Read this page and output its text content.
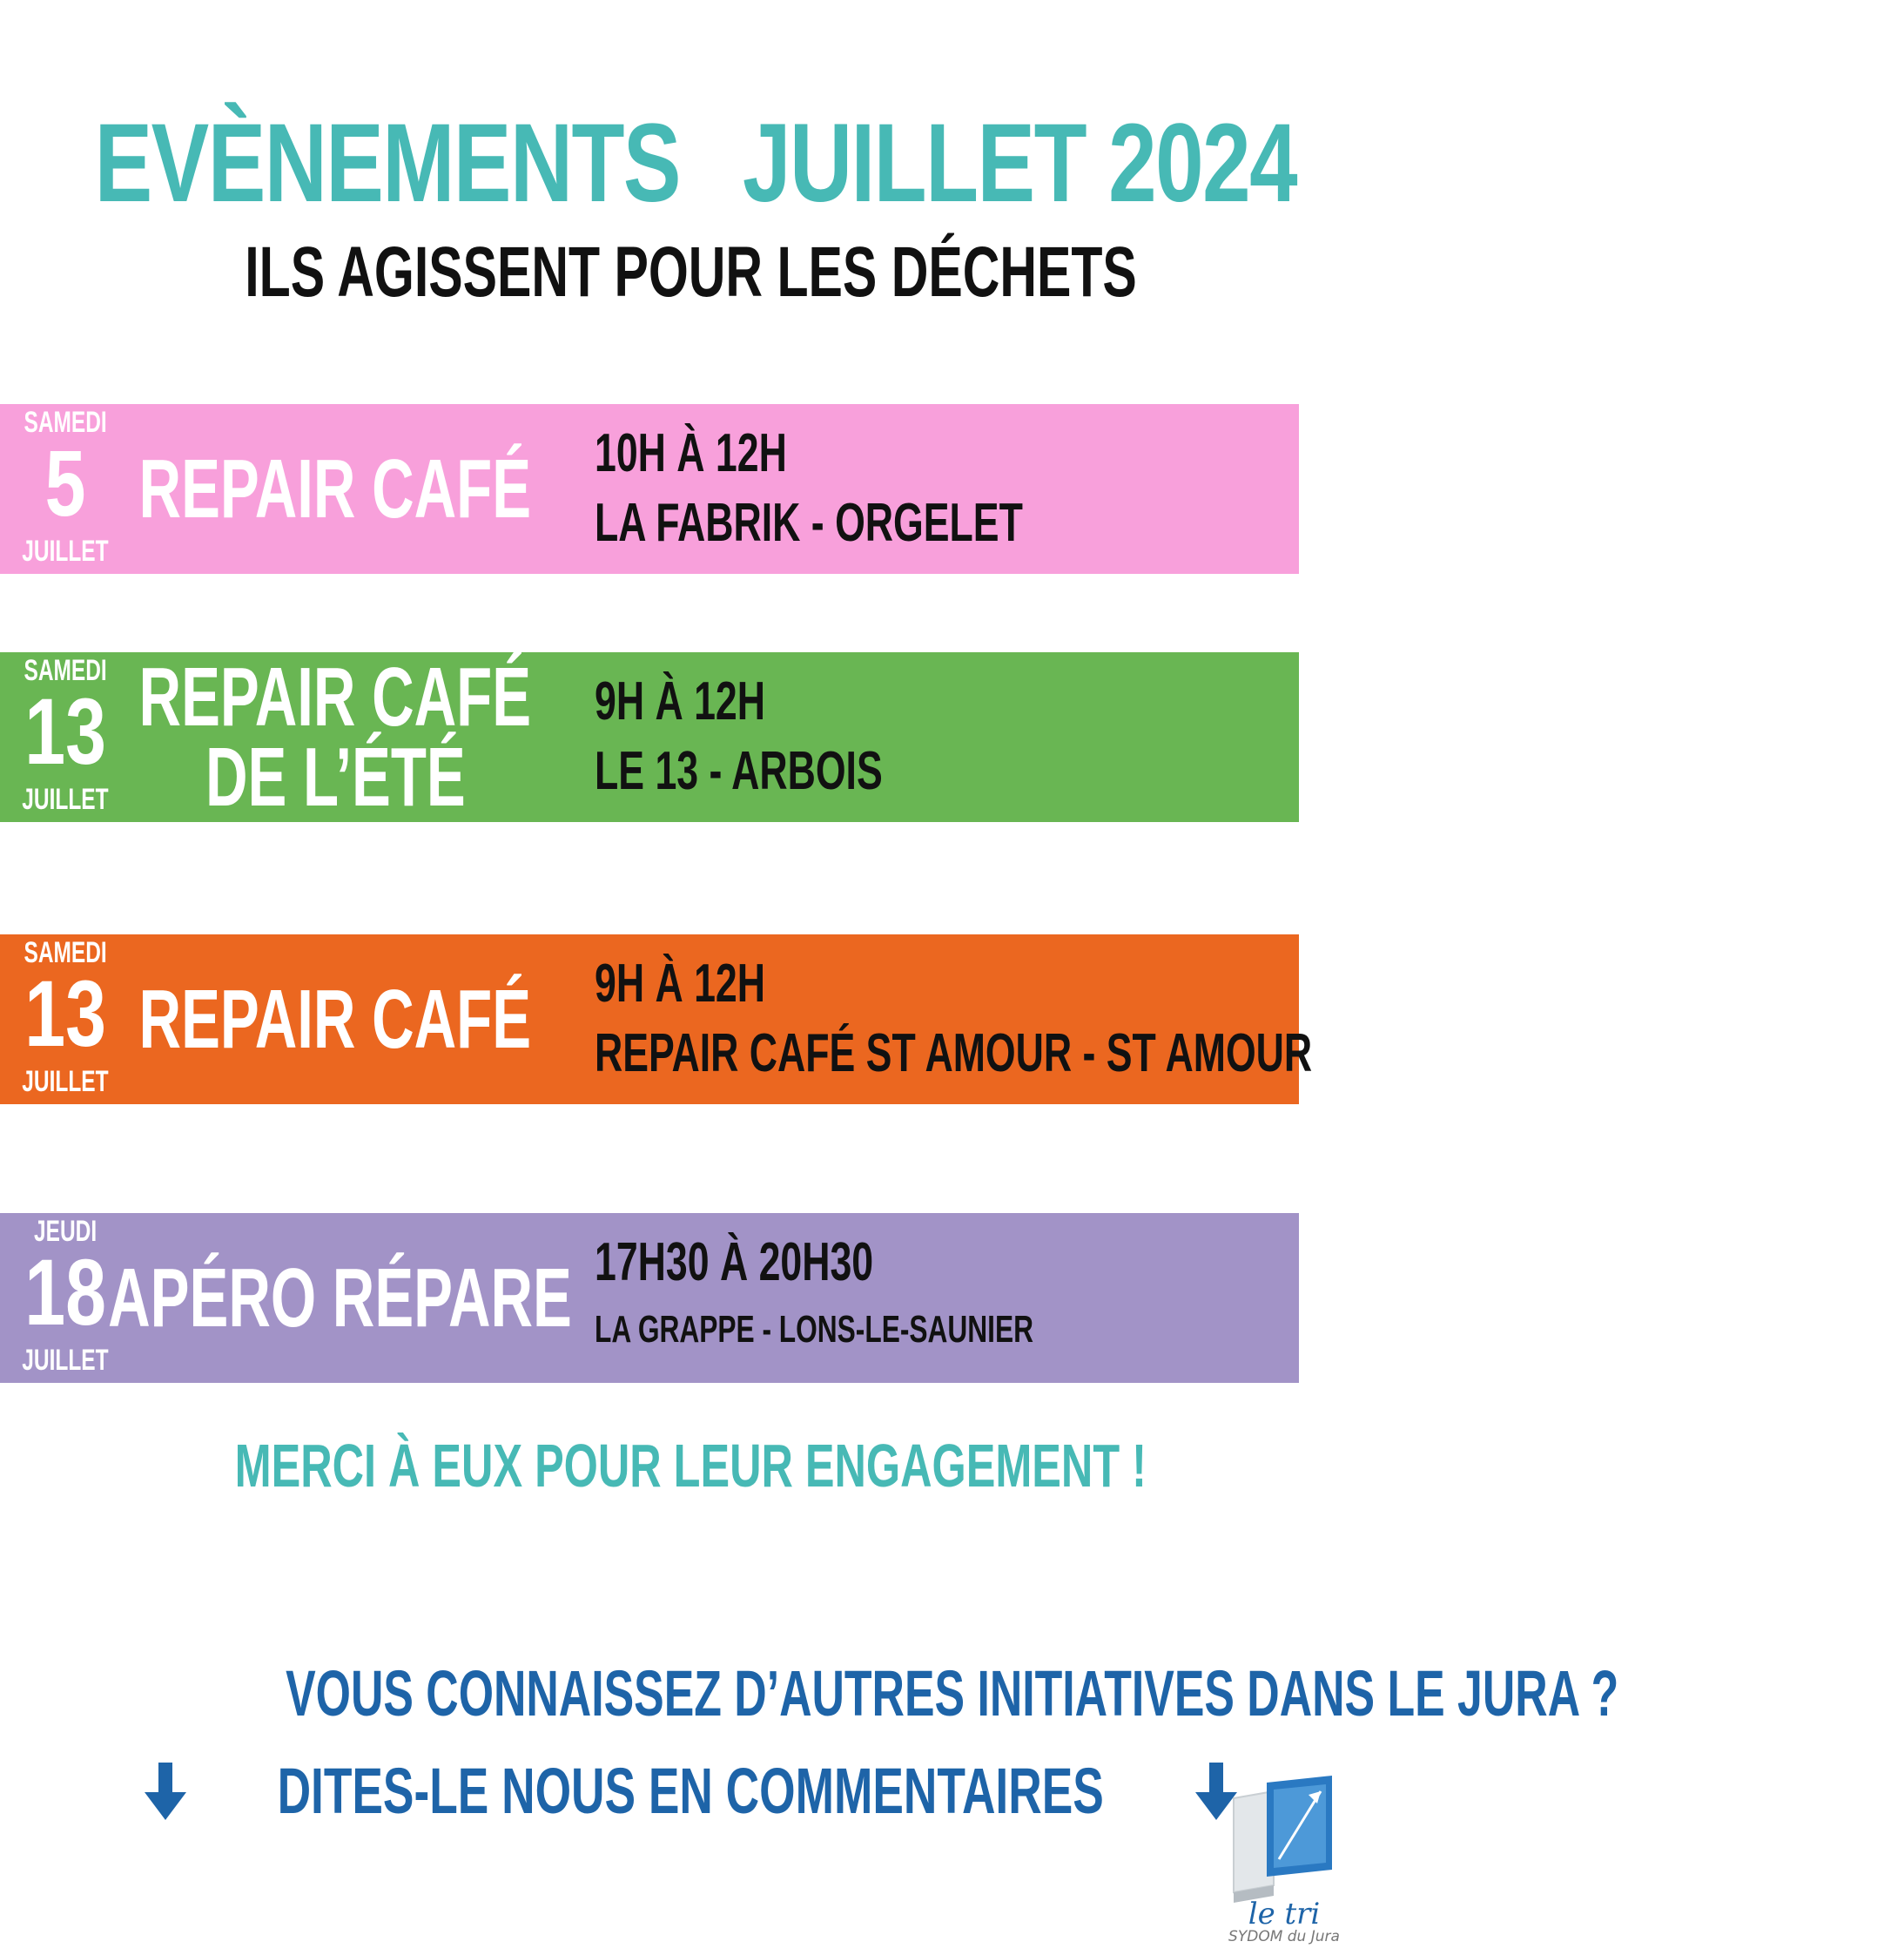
EVÈNEMENTS JUILLET 2024
ILS AGISSENT POUR LES DÉCHETS
SAMEDI
5
JUILLET
REPAIR CAFÉ 10H À 12H
LA FABRIK - ORGELET
SAMEDI
13
JUILLET
REPAIR CAFÉ
DE L’ÉTÉ
9H À 12H
LE 13 - ARBOIS
SAMEDI
13
JUILLET
REPAIR CAFÉ 9H À 12H
REPAIR CAFÉ ST AMOUR - ST AMOUR
JEUDI
18
JUILLET
APÉRO RÉPARE 17H30 À 20H30
LA GRAPPE - LONS-LE-SAUNIER
MERCI À EUX POUR LEUR ENGAGEMENT !
VOUS CONNAISSEZ D’AUTRES INITIATIVES DANS LE JURA ?
DITES-LE NOUS EN COMMENTAIRES
le tri
SYDOM du Jura
